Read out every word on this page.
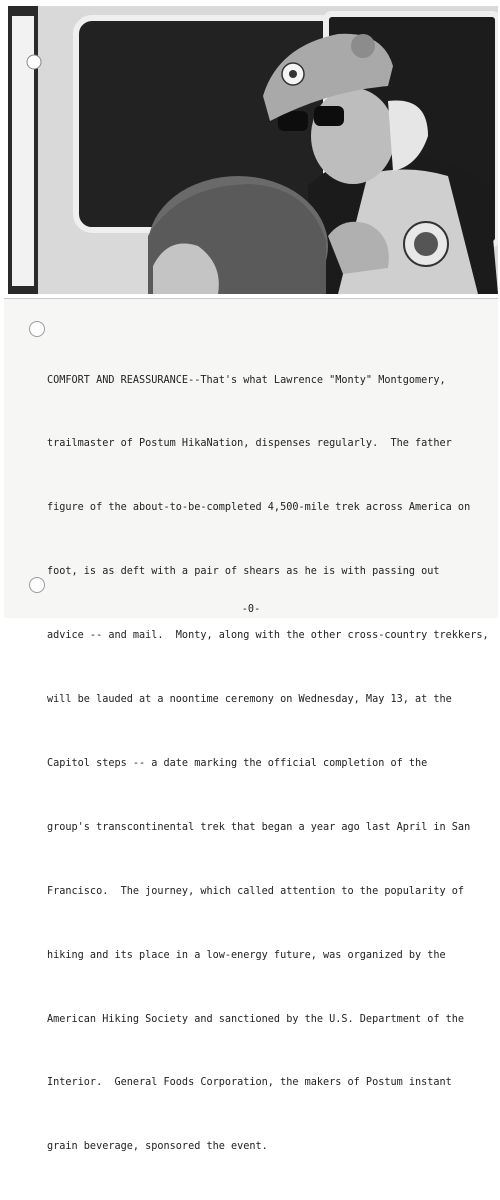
COMFORT AND REASSURANCE--That's what Lawrence "Monty" Montgomery,

trailmaster of Postum HikaNation, dispenses regularly.  The father

figure of the about-to-be-completed 4,500-mile trek across America on

foot, is as deft with a pair of shears as he is with passing out

advice -- and mail.  Monty, along with the other cross-country trekkers,

will be lauded at a noontime ceremony on Wednesday, May 13, at the

Capitol steps -- a date marking the official completion of the

group's transcontinental trek that began a year ago last April in San

Francisco.  The journey, which called attention to the popularity of

hiking and its place in a low-energy future, was organized by the

American Hiking Society and sanctioned by the U.S. Department of the

Interior.  General Foods Corporation, the makers of Postum instant

grain beverage, sponsored the event.

-0-
